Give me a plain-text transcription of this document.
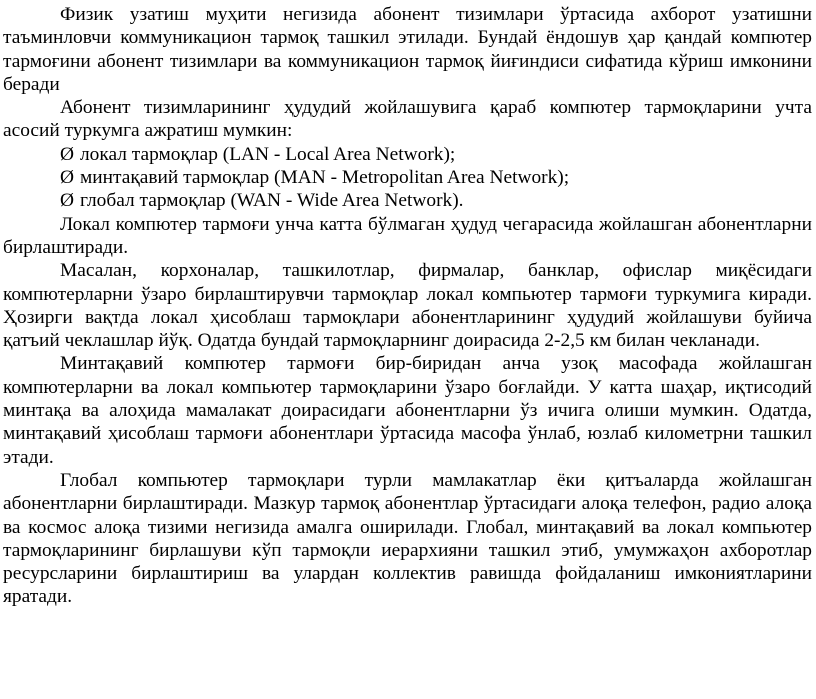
Физик узатиш муҳити негизида абонент тизимлари ўртасида ахборот узатишни таъминловчи коммуникацион тармоқ ташкил этилади. Бундай ёндошув ҳар қандай компютер тармоғини абонент тизимлари ва коммуникацион тармоқ йиғиндиси сифатида кўриш имконини беради

Абонент тизимларининг ҳудудий жойлашувига қараб компютер тармоқларини учта асосий туркумга ажратиш мумкин:

Ø локал тармоқлар (LAN - Local Area Network);

Ø минтақавий тармоқлар (MAN - Metropolitan Area Network);

Ø глобал тармоқлар (WAN - Wide Area Network).

Локал компютер тармоғи унча катта бўлмаган ҳудуд чегарасида жойлашган абонентларни бирлаштиради.

Масалан, корхоналар, ташкилотлар, фирмалар, банклар, офислар миқёсидаги компютерларни ўзаро бирлаштирувчи тармоқлар локал компьютер тармоғи туркумига киради. Ҳозирги вақтда локал ҳисоблаш тармоқлари абонентларининг ҳудудий жойлашуви буйича қатъий чеклашлар йўқ. Одатда бундай тармоқларнинг доирасида 2-2,5 км билан чекланади.

Минтақавий компютер тармоғи бир-биридан анча узоқ масофада жойлашган компютерларни ва локал компьютер тармоқларини ўзаро боғлайди. У катта шаҳар, иқтисодий минтақа ва алоҳида мамалакат доирасидаги абонентларни ўз ичига олиши мумкин. Одатда, минтақавий ҳисоблаш тармоғи абонентлари ўртасида масофа ўнлаб, юзлаб километрни ташкил этади.

Глобал компьютер тармоқлари турли мамлакатлар ёки қитъаларда жойлашган абонентларни бирлаштиради. Мазкур тармоқ абонентлар ўртасидаги алоқа телефон, радио алоқа ва космос алоқа тизими негизида амалга оширилади. Глобал, минтақавий ва локал компьютер тармоқларининг бирлашуви кўп тармоқли иерархияни ташкил этиб, умумжаҳон ахборотлар ресурсларини бирлаштириш ва улардан коллектив равишда фойдаланиш имкониятларини яратади.
